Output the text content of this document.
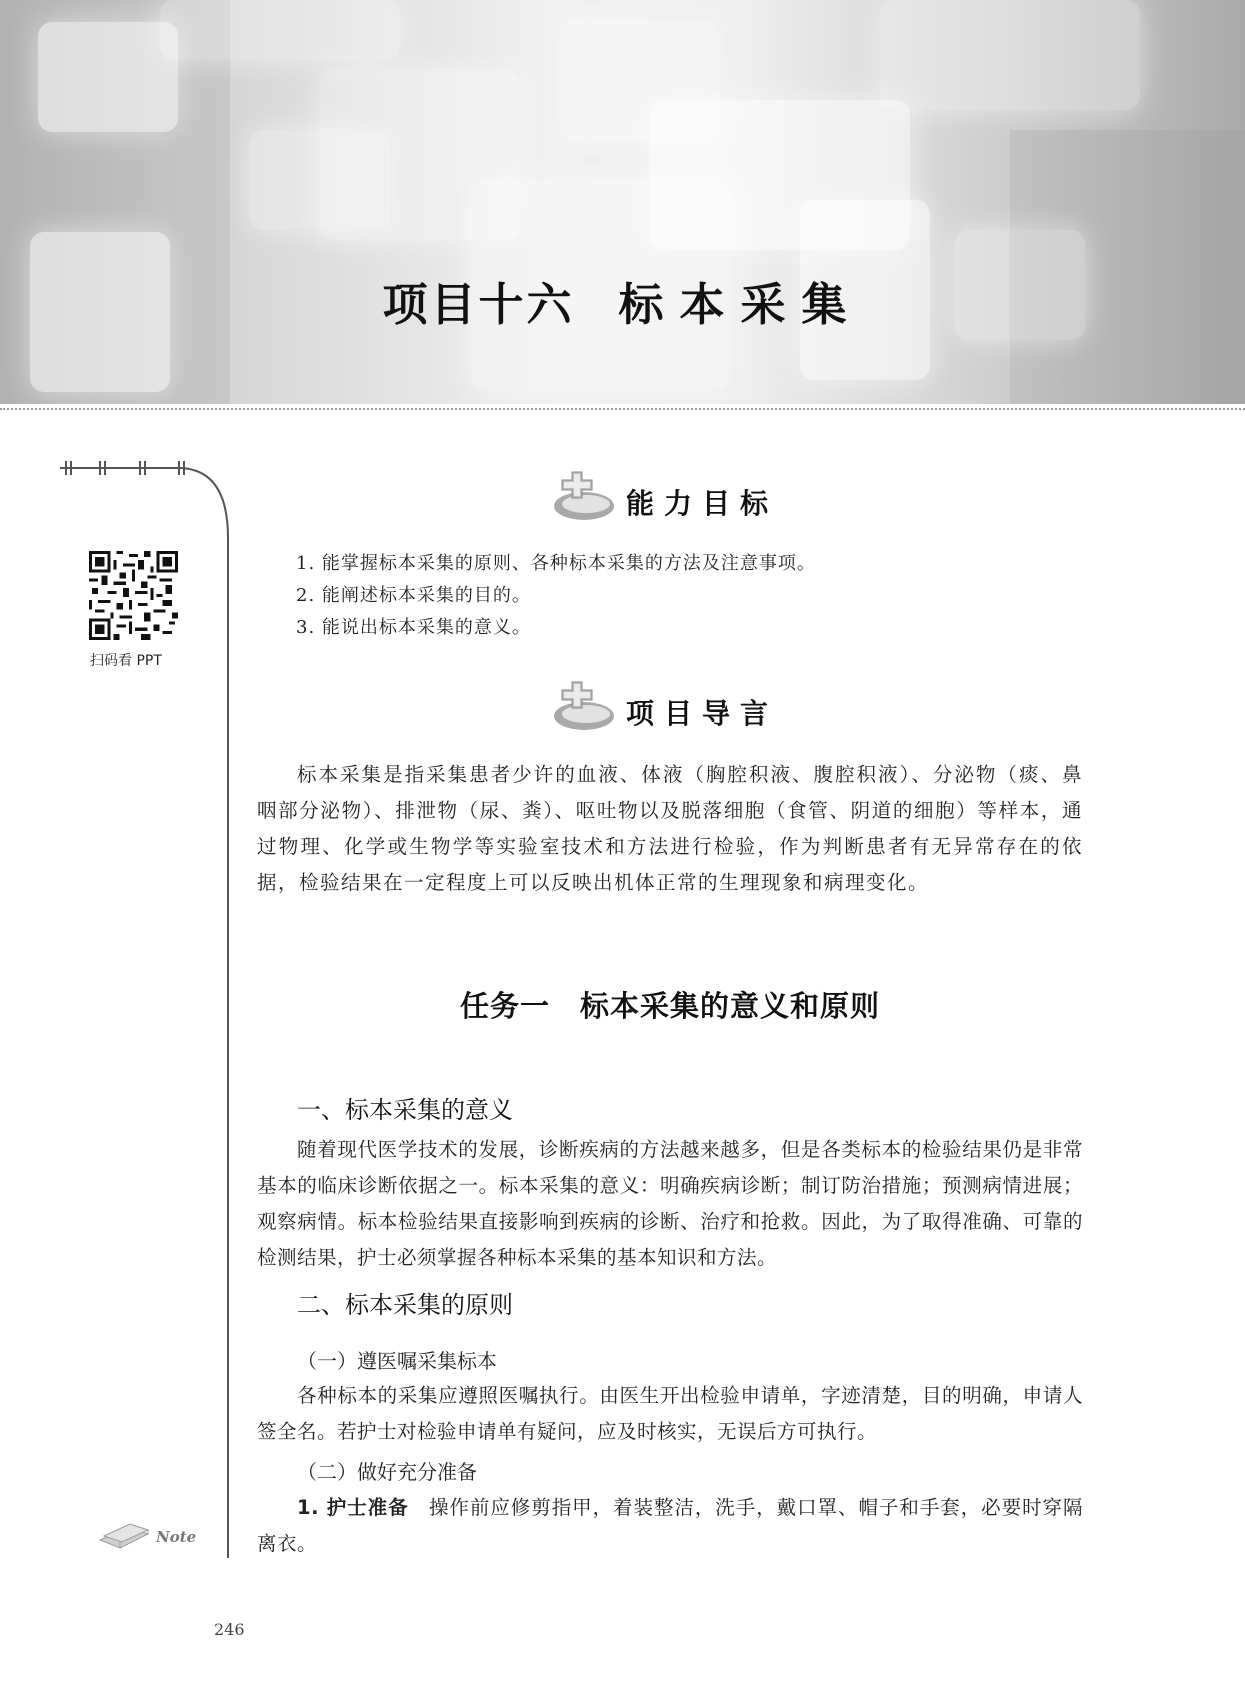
项目十六 标本采集
扫码看 PPT
Note
246
能力目标
1. 能掌握标本采集的原则、各种标本采集的方法及注意事项。
2. 能阐述标本采集的目的。
3. 能说出标本采集的意义。
项目导言
标本采集是指采集患者少许的血液、体液（胸腔积液、腹腔积液）、分泌物（痰、鼻咽部分泌物）、排泄物（尿、粪）、呕吐物以及脱落细胞（食管、阴道的细胞）等样本，通过物理、化学或生物学等实验室技术和方法进行检验，作为判断患者有无异常存在的依据，检验结果在一定程度上可以反映出机体正常的生理现象和病理变化。
任务一 标本采集的意义和原则
一、标本采集的意义
随着现代医学技术的发展，诊断疾病的方法越来越多，但是各类标本的检验结果仍是非常基本的临床诊断依据之一。标本采集的意义：明确疾病诊断；制订防治措施；预测病情进展；观察病情。标本检验结果直接影响到疾病的诊断、治疗和抢救。因此，为了取得准确、可靠的检测结果，护士必须掌握各种标本采集的基本知识和方法。
二、标本采集的原则
（一）遵医嘱采集标本
各种标本的采集应遵照医嘱执行。由医生开出检验申请单，字迹清楚，目的明确，申请人签全名。若护士对检验申请单有疑问，应及时核实，无误后方可执行。
（二）做好充分准备
1. 护士准备　 操作前应修剪指甲，着装整洁，洗手，戴口罩、帽子和手套，必要时穿隔离衣。
